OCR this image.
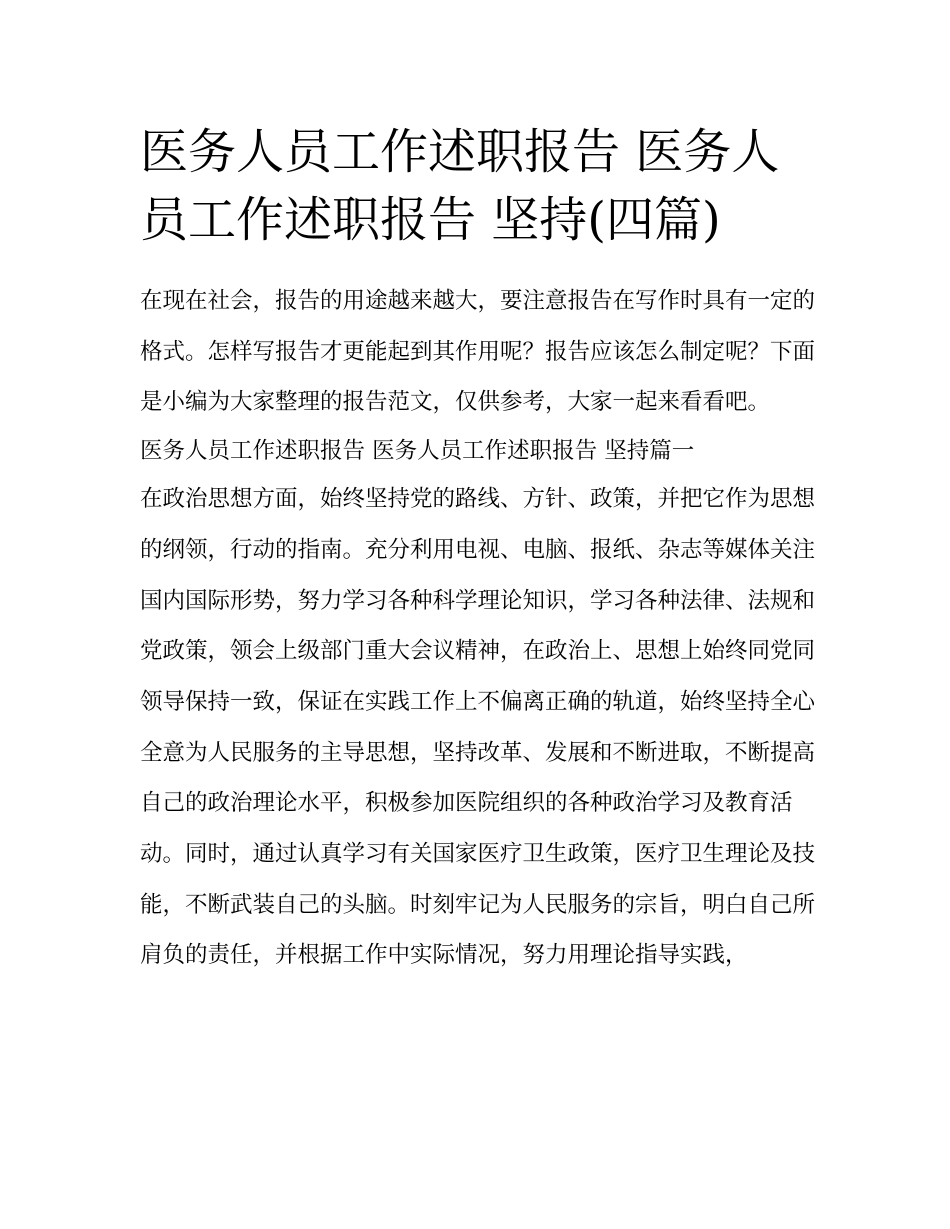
医务人员工作述职报告 医务人员工作述职报告 坚持(四篇)

在现在社会，报告的用途越来越大，要注意报告在写作时具有一定的格式。怎样写报告才更能起到其作用呢？报告应该怎么制定呢？下面是小编为大家整理的报告范文，仅供参考，大家一起来看看吧。

医务人员工作述职报告 医务人员工作述职报告 坚持篇一

在政治思想方面，始终坚持党的路线、方针、政策，并把它作为思想的纲领，行动的指南。充分利用电视、电脑、报纸、杂志等媒体关注国内国际形势，努力学习各种科学理论知识，学习各种法律、法规和党政策，领会上级部门重大会议精神，在政治上、思想上始终同党同领导保持一致，保证在实践工作上不偏离正确的轨道，始终坚持全心全意为人民服务的主导思想，坚持改革、发展和不断进取，不断提高自己的政治理论水平，积极参加医院组织的各种政治学习及教育活动。同时，通过认真学习有关国家医疗卫生政策，医疗卫生理论及技能，不断武装自己的头脑。时刻牢记为人民服务的宗旨，明白自己所肩负的责任，并根据工作中实际情况，努力用理论指导实践，
